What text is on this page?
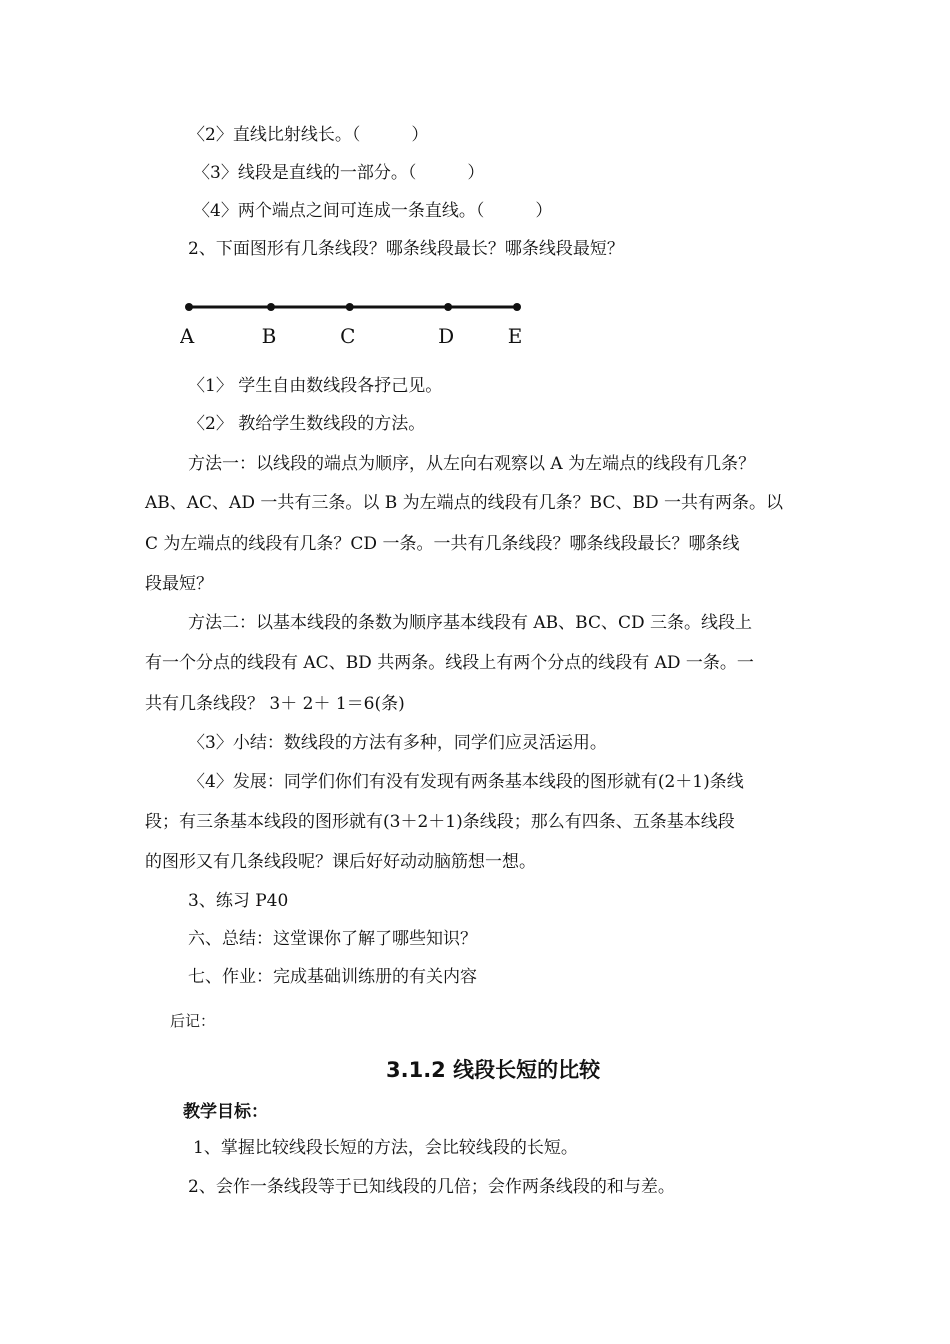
〈2〉直线比射线长。（　　　）
〈3〉线段是直线的一部分。（　　　）
〈4〉两个端点之间可连成一条直线。（　　　）
2、下面图形有几条线段？哪条线段最长？哪条线段最短？
A	B	C	D	E
〈1〉 学生自由数线段各抒己见。
〈2〉 教给学生数线段的方法。
方法一：以线段的端点为顺序，从左向右观察以 A 为左端点的线段有几条？
AB、AC、AD 一共有三条。以 B 为左端点的线段有几条？BC、BD 一共有两条。以
C 为左端点的线段有几条？CD 一条。一共有几条线段？哪条线段最长？哪条线
段最短？
方法二：以基本线段的条数为顺序基本线段有 AB、BC、CD 三条。线段上
有一个分点的线段有 AC、BD 共两条。线段上有两个分点的线段有 AD 一条。一
共有几条线段？ 3＋ 2＋ 1＝6(条)
〈3〉小结：数线段的方法有多种，同学们应灵活运用。
〈4〉发展：同学们你们有没有发现有两条基本线段的图形就有(2＋1)条线
段；有三条基本线段的图形就有(3＋2＋1)条线段；那么有四条、五条基本线段
的图形又有几条线段呢？课后好好动动脑筋想一想。
3、练习 P40
六、总结：这堂课你了解了哪些知识？
七、作业：完成基础训练册的有关内容
后记：
3.1.2 线段长短的比较
教学目标：
1、掌握比较线段长短的方法，会比较线段的长短。
2、会作一条线段等于已知线段的几倍；会作两条线段的和与差。
